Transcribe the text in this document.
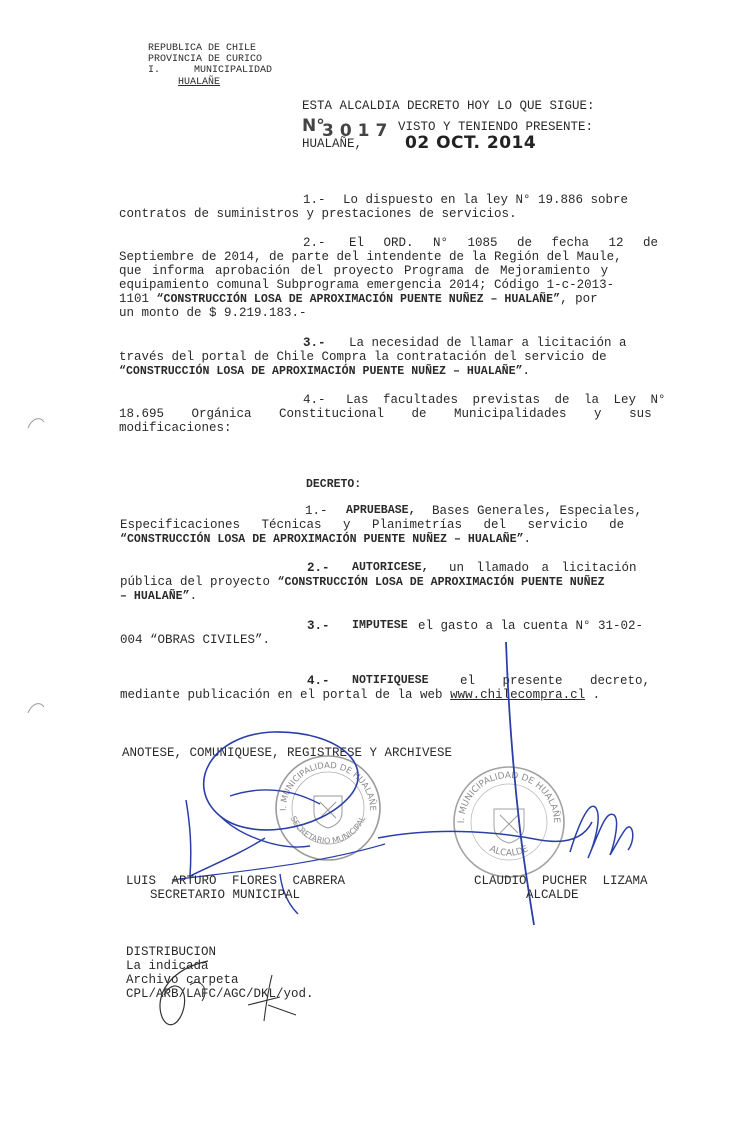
REPUBLICA DE CHILE
PROVINCIA DE CURICO
I.	MUNICIPALIDAD
HUALAÑE
ESTA ALCALDIA DECRETO HOY LO QUE SIGUE:
N°
3017 VISTO Y TENIENDO PRESENTE:
HUALAÑE,	02 OCT. 2014
1.- Lo dispuesto en la ley N° 19.886 sobre
contratos de suministros y prestaciones de servicios.
2.- El ORD. N° 1085 de fecha 12 de
Septiembre de 2014, de parte del intendente de la Región del Maule,
que informa aprobación del proyecto Programa de Mejoramiento y
equipamiento comunal Subprograma emergencia 2014; Código 1-c-2013-
1101 “CONSTRUCCIÓN LOSA DE APROXIMACIÓN PUENTE NUÑEZ – HUALAÑE”, por
un monto de $ 9.219.183.-
3.- La necesidad de llamar a licitación a
través del portal de Chile Compra la contratación del servicio de
“CONSTRUCCIÓN LOSA DE APROXIMACIÓN PUENTE NUÑEZ – HUALAÑE”.
4.- Las facultades previstas de la Ley N°
18.695 Orgánica Constitucional de Municipalidades y sus
modificaciones:
DECRETO:
1.- APRUEBASE, Bases Generales, Especiales,
Especificaciones Técnicas y Planimetrías del servicio de
“CONSTRUCCIÓN LOSA DE APROXIMACIÓN PUENTE NUÑEZ – HUALAÑE”.
2.- AUTORICESE, un llamado a licitación
pública del proyecto “CONSTRUCCIÓN LOSA DE APROXIMACIÓN PUENTE NUÑEZ
– HUALAÑE”.
3.- IMPUTESE el gasto a la cuenta N° 31-02-
004 “OBRAS CIVILES”.
4.- NOTIFIQUESE	el presente decreto,
mediante publicación en el portal de la web www.chilecompra.cl .
ANOTESE, COMUNIQUESE, REGISTRESE Y ARCHIVESE
I. MUNICIPALIDAD DE HUALAÑE
SECRETARIO MUNICIPAL	I. MUNICIPALIDAD DE HUALAÑE
ALCALDE
LUIS ARTURO FLORES CABRERA
SECRETARIO MUNICIPAL
CLAUDIO PUCHER LIZAMA
ALCALDE
DISTRIBUCION
La indicada
Archivo carpeta
CPL/ARB/LAFC/AGC/DKL/yod.
